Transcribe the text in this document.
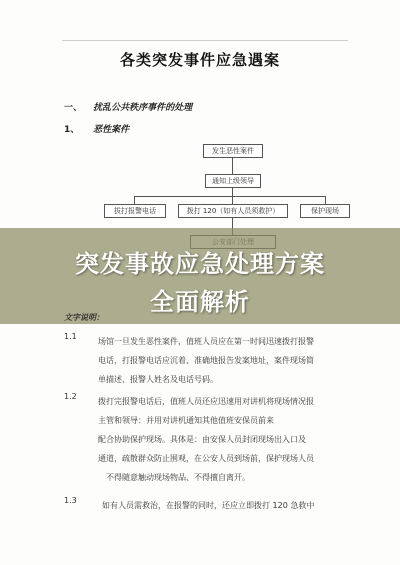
各类突发事件应急遇案
一、 扰乱公共秩序事件的处理
1、 恶性案件
发生恶性案件
通知上级领导
拔打报警电话	拨打 120（如有人员须救护）	保护现场
突发事故应急处理方案
全面解析
文字说明：
1.1
场馆一旦发生恶性案件，值班人员应在第一时间迅速拨打报警
电话，打报警电话应沉着、准确地报告发案地址，案件现场简
单描述、报警人姓名及电话号码。
1.2
拨打完报警电话后，值班人员还应迅速用对讲机将现场情况报
主管和领导：并用对讲机通知其他值班安保员前来
配合协助保护现场。具体是：由安保人员封闭现场出入口及
通道，疏散群众防止围观，在公安人员到场前，保护现场人员
不得随意触动现场物品、不得擅自离开。
1.3
如有人员需救治，在报警的同时，还应立即拨打 120 急救中
